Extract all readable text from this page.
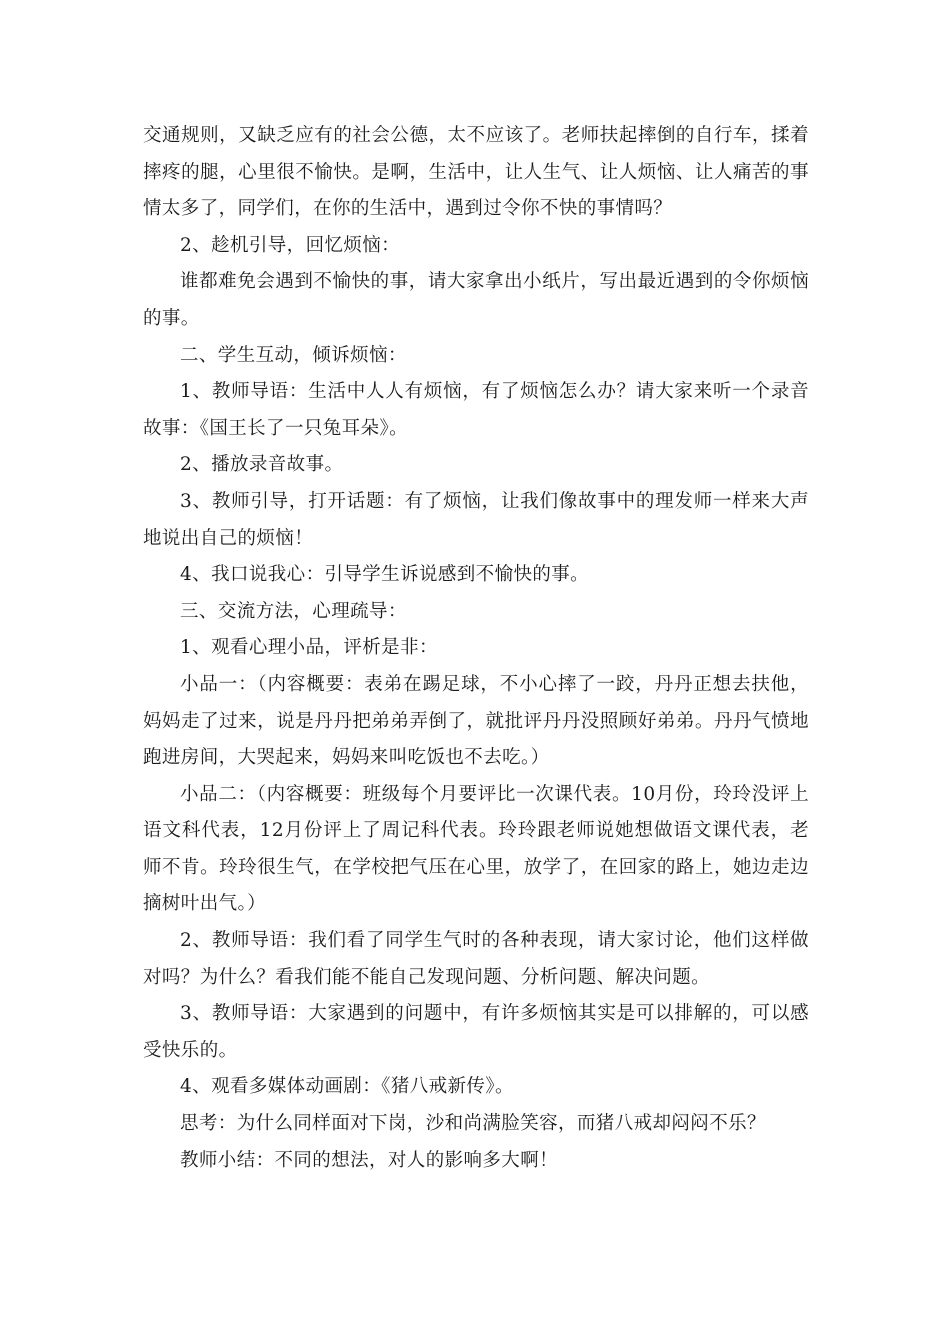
交通规则，又缺乏应有的社会公德，太不应该了。老师扶起摔倒的自行车，揉着摔疼的腿，心里很不愉快。是啊，生活中，让人生气、让人烦恼、让人痛苦的事情太多了，同学们，在你的生活中，遇到过令你不快的事情吗？

2、趁机引导，回忆烦恼：

谁都难免会遇到不愉快的事，请大家拿出小纸片，写出最近遇到的令你烦恼的事。

二、学生互动，倾诉烦恼：

1、教师导语：生活中人人有烦恼，有了烦恼怎么办？请大家来听一个录音故事：《国王长了一只兔耳朵》。

2、播放录音故事。

3、教师引导，打开话题：有了烦恼，让我们像故事中的理发师一样来大声地说出自己的烦恼！

4、我口说我心：引导学生诉说感到不愉快的事。

三、交流方法，心理疏导：

1、观看心理小品，评析是非：

小品一：（内容概要：表弟在踢足球，不小心摔了一跤，丹丹正想去扶他，妈妈走了过来，说是丹丹把弟弟弄倒了，就批评丹丹没照顾好弟弟。丹丹气愤地跑进房间，大哭起来，妈妈来叫吃饭也不去吃。）

小品二：（内容概要：班级每个月要评比一次课代表。10月份，玲玲没评上语文科代表，12月份评上了周记科代表。玲玲跟老师说她想做语文课代表，老师不肯。玲玲很生气，在学校把气压在心里，放学了，在回家的路上，她边走边摘树叶出气。）

2、教师导语：我们看了同学生气时的各种表现，请大家讨论，他们这样做对吗？为什么？看我们能不能自己发现问题、分析问题、解决问题。

3、教师导语：大家遇到的问题中，有许多烦恼其实是可以排解的，可以感受快乐的。

4、观看多媒体动画剧：《猪八戒新传》。

思考：为什么同样面对下岗，沙和尚满脸笑容，而猪八戒却闷闷不乐？

教师小结：不同的想法，对人的影响多大啊！
